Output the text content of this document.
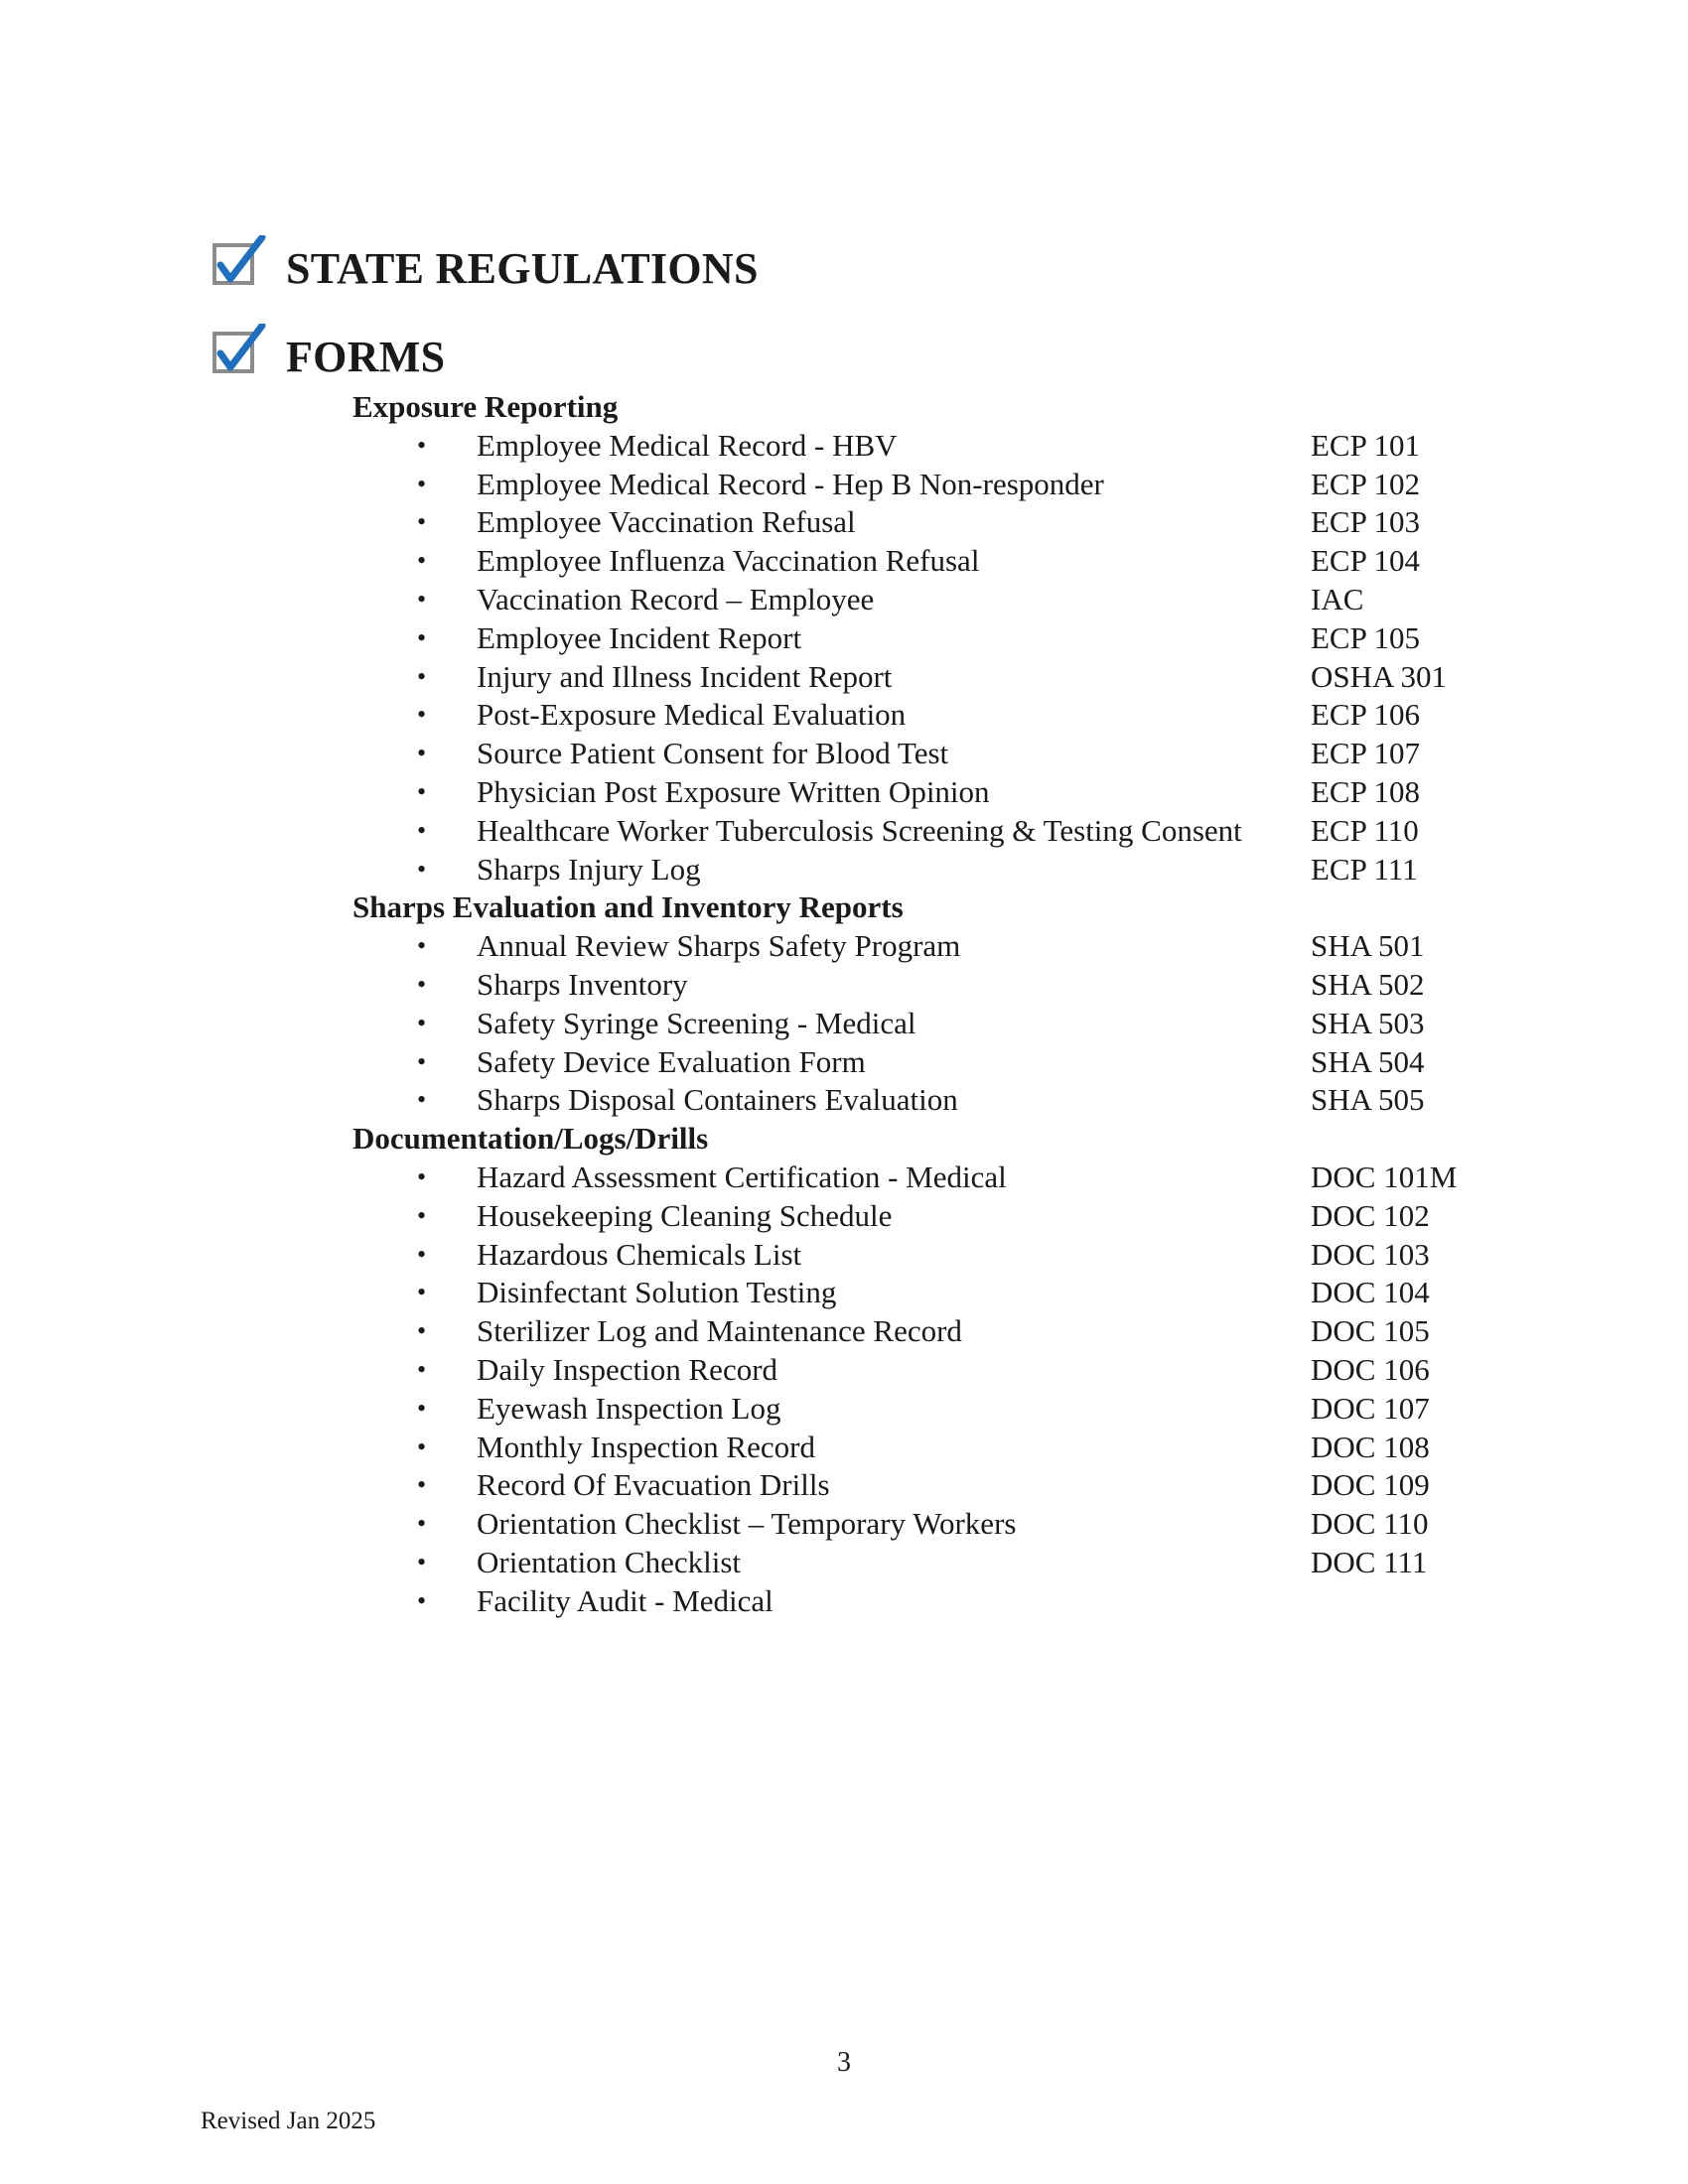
STATE REGULATIONS
FORMS
Exposure Reporting
• Employee Medical Record - HBV	ECP 101
• Employee Medical Record - Hep B Non-responder	ECP 102
• Employee Vaccination Refusal	ECP 103
• Employee Influenza Vaccination Refusal	ECP 104
• Vaccination Record – Employee	IAC
• Employee Incident Report	ECP 105
• Injury and Illness Incident Report	OSHA 301
• Post-Exposure Medical Evaluation	ECP 106
• Source Patient Consent for Blood Test	ECP 107
• Physician Post Exposure Written Opinion	ECP 108
• Healthcare Worker Tuberculosis Screening & Testing Consent ECP 110
• Sharps Injury Log	ECP 111
Sharps Evaluation and Inventory Reports
• Annual Review Sharps Safety Program	SHA 501
• Sharps Inventory	SHA 502
• Safety Syringe Screening - Medical	SHA 503
• Safety Device Evaluation Form	SHA 504
• Sharps Disposal Containers Evaluation	SHA 505
Documentation/Logs/Drills
• Hazard Assessment Certification - Medical	DOC 101M
• Housekeeping Cleaning Schedule	DOC 102
• Hazardous Chemicals List	DOC 103
• Disinfectant Solution Testing	DOC 104
• Sterilizer Log and Maintenance Record	DOC 105
• Daily Inspection Record	DOC 106
• Eyewash Inspection Log	DOC 107
• Monthly Inspection Record	DOC 108
• Record Of Evacuation Drills	DOC 109
• Orientation Checklist – Temporary Workers	DOC 110
• Orientation Checklist	DOC 111
• Facility Audit - Medical
3
Revised Jan 2025
